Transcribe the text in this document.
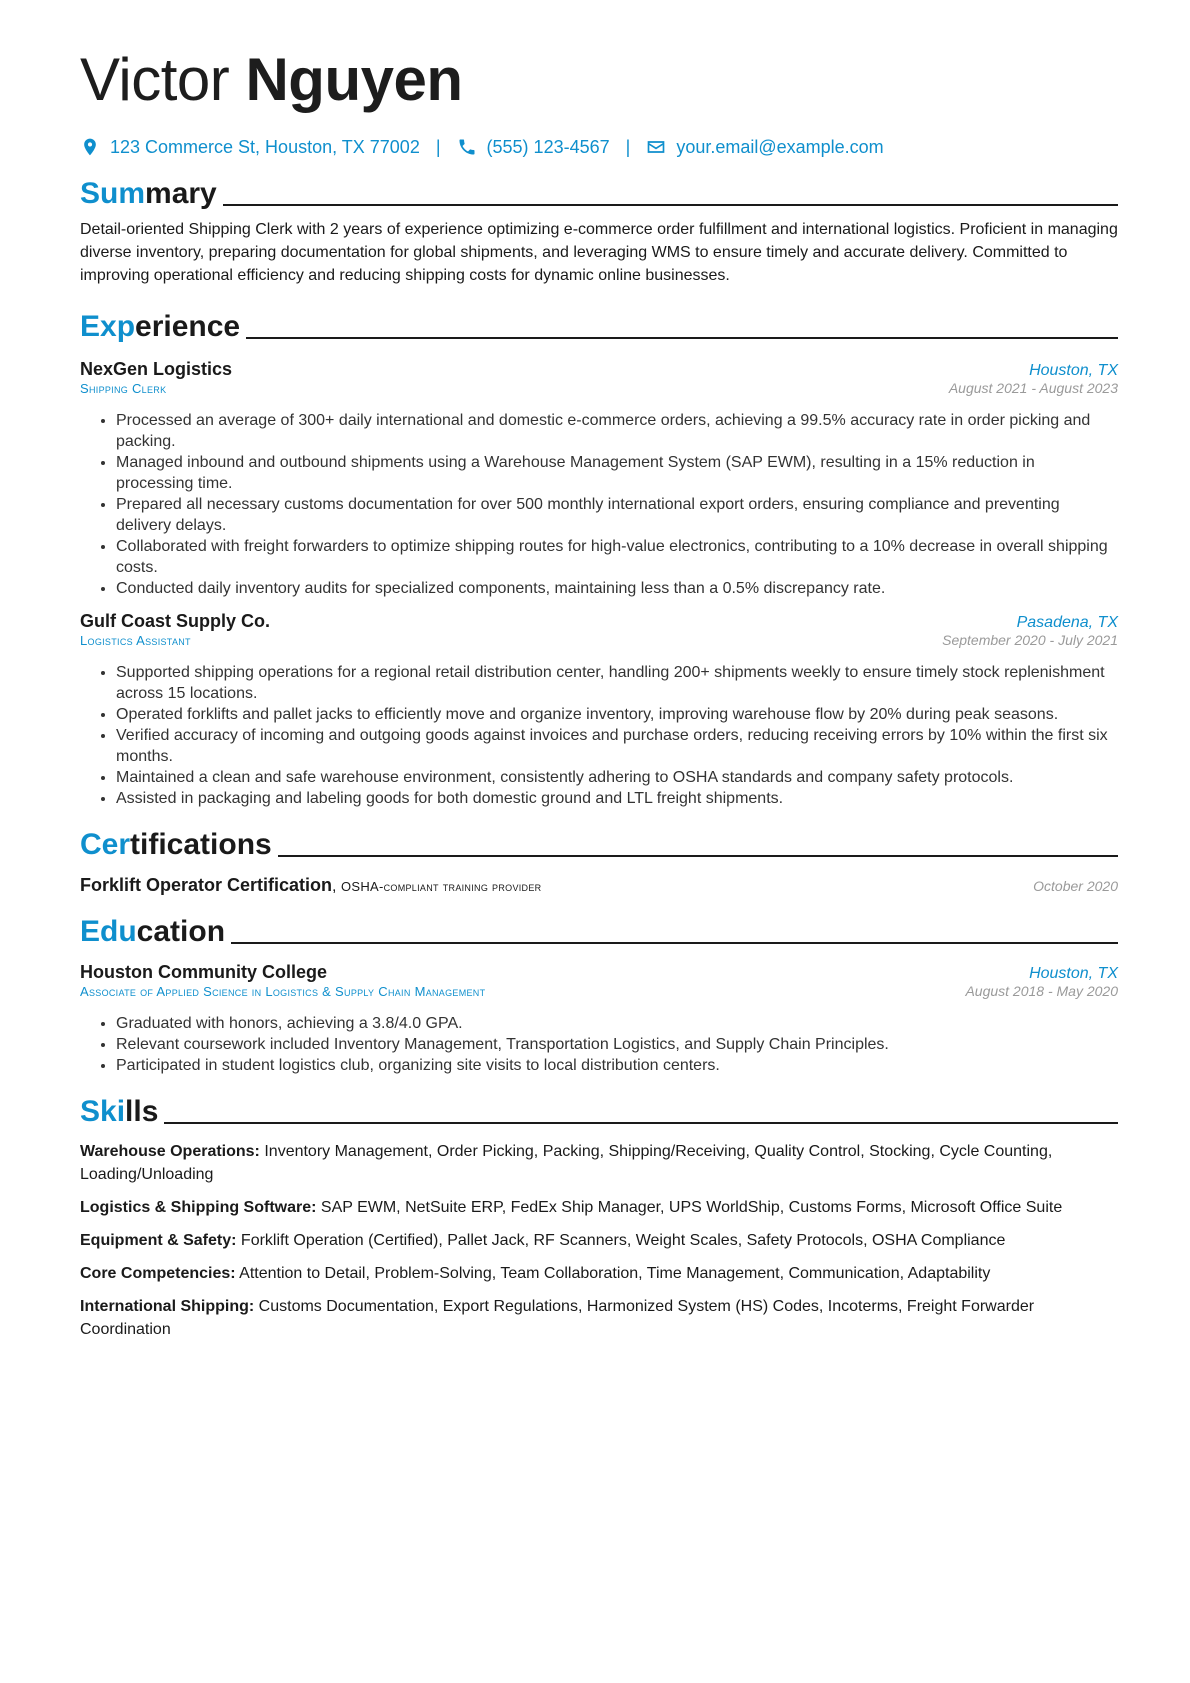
Victor Nguyen
123 Commerce St, Houston, TX 77002 |	(555) 123-4567 |	your.email@example.com
Summary

Detail-oriented Shipping Clerk with 2 years of experience optimizing e-commerce order fulfillment and international logistics. Proficient in managing diverse inventory, preparing documentation for global shipments, and leveraging WMS to ensure timely and accurate delivery. Committed to improving operational efficiency and reducing shipping costs for dynamic online businesses.

Experience
NexGen Logistics	Houston, TX
Shipping Clerk	August 2021 - August 2023
• Processed an average of 300+ daily international and domestic e-commerce orders, achieving a 99.5% accuracy rate in order picking and packing.
• Managed inbound and outbound shipments using a Warehouse Management System (SAP EWM), resulting in a 15% reduction in processing time.
• Prepared all necessary customs documentation for over 500 monthly international export orders, ensuring compliance and preventing delivery delays.
• Collaborated with freight forwarders to optimize shipping routes for high-value electronics, contributing to a 10% decrease in overall shipping costs.
• Conducted daily inventory audits for specialized components, maintaining less than a 0.5% discrepancy rate.
Gulf Coast Supply Co.	Pasadena, TX
Logistics Assistant	September 2020 - July 2021
• Supported shipping operations for a regional retail distribution center, handling 200+ shipments weekly to ensure timely stock replenishment across 15 locations.
• Operated forklifts and pallet jacks to efficiently move and organize inventory, improving warehouse flow by 20% during peak seasons.
• Verified accuracy of incoming and outgoing goods against invoices and purchase orders, reducing receiving errors by 10% within the first six months.
• Maintained a clean and safe warehouse environment, consistently adhering to OSHA standards and company safety protocols.
• Assisted in packaging and labeling goods for both domestic ground and LTL freight shipments.
Certifications
Forklift Operator Certification, OSHA-compliant training provider	October 2020
Education
Houston Community College	Houston, TX
Associate of Applied Science in Logistics & Supply Chain Management	August 2018 - May 2020
• Graduated with honors, achieving a 3.8/4.0 GPA.
• Relevant coursework included Inventory Management, Transportation Logistics, and Supply Chain Principles.
• Participated in student logistics club, organizing site visits to local distribution centers.
Skills
Warehouse Operations: Inventory Management, Order Picking, Packing, Shipping/Receiving, Quality Control, Stocking, Cycle Counting, Loading/Unloading
Logistics & Shipping Software: SAP EWM, NetSuite ERP, FedEx Ship Manager, UPS WorldShip, Customs Forms, Microsoft Office Suite
Equipment & Safety: Forklift Operation (Certified), Pallet Jack, RF Scanners, Weight Scales, Safety Protocols, OSHA Compliance
Core Competencies: Attention to Detail, Problem-Solving, Team Collaboration, Time Management, Communication, Adaptability
International Shipping: Customs Documentation, Export Regulations, Harmonized System (HS) Codes, Incoterms, Freight Forwarder Coordination
